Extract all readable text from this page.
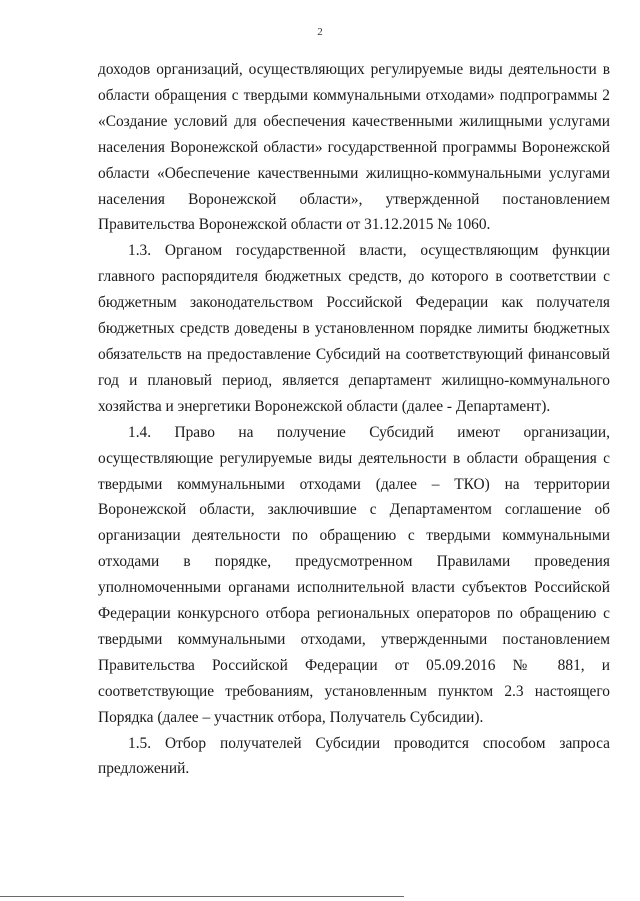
2
доходов организаций, осуществляющих регулируемые виды деятельности в
области обращения с твердыми коммунальными отходами» подпрограммы 2
«Создание условий для обеспечения качественными жилищными услугами
населения Воронежской области» государственной программы Воронежской
области «Обеспечение качественными жилищно-коммунальными услугами
населения Воронежской области», утвержденной постановлением
Правительства Воронежской области от 31.12.2015 № 1060.
1.3. Органом государственной власти, осуществляющим функции
главного распорядителя бюджетных средств, до которого в соответствии с
бюджетным законодательством Российской Федерации как получателя
бюджетных средств доведены в установленном порядке лимиты бюджетных
обязательств на предоставление Субсидий на соответствующий финансовый
год и плановый период, является департамент жилищно-коммунального
хозяйства и энергетики Воронежской области (далее - Департамент).
1.4. Право на получение Субсидий имеют организации,
осуществляющие регулируемые виды деятельности в области обращения с
твердыми коммунальными отходами (далее – ТКО) на территории
Воронежской области, заключившие с Департаментом соглашение об
организации деятельности по обращению с твердыми коммунальными
отходами в порядке, предусмотренном Правилами проведения
уполномоченными органами исполнительной власти субъектов Российской
Федерации конкурсного отбора региональных операторов по обращению с
твердыми коммунальными отходами, утвержденными постановлением
Правительства Российской Федерации от 05.09.2016 № 881, и
соответствующие требованиям, установленным пунктом 2.3 настоящего
Порядка (далее – участник отбора, Получатель Субсидии).
1.5. Отбор получателей Субсидии проводится способом запроса
предложений.
